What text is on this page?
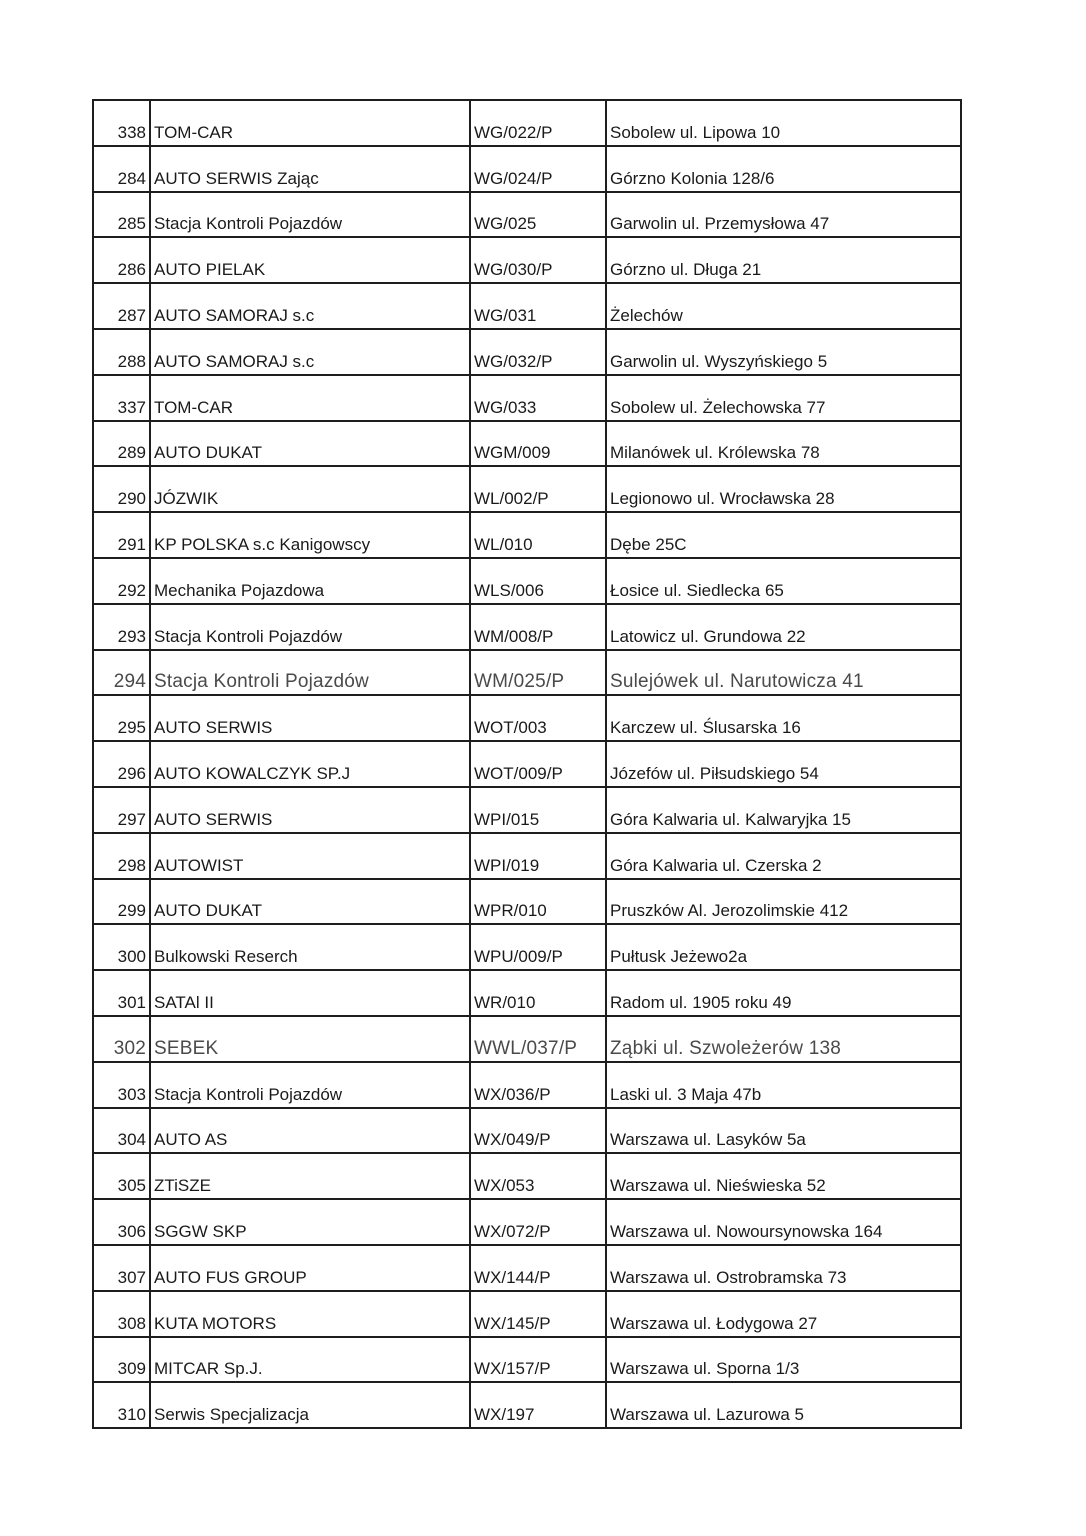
338	TOM-CAR	WG/022/P	Sobolew ul. Lipowa 10
284	AUTO SERWIS Zając	WG/024/P	Górzno Kolonia 128/6
285	Stacja Kontroli Pojazdów	WG/025	Garwolin ul. Przemysłowa 47
286	AUTO PIELAK	WG/030/P	Górzno ul. Długa 21
287	AUTO SAMORAJ s.c	WG/031	Żelechów
288	AUTO SAMORAJ s.c	WG/032/P	Garwolin ul. Wyszyńskiego 5
337	TOM-CAR	WG/033	Sobolew ul. Żelechowska 77
289	AUTO DUKAT	WGM/009	Milanówek ul. Królewska 78
290	JÓZWIK	WL/002/P	Legionowo ul. Wrocławska 28
291	KP POLSKA s.c Kanigowscy	WL/010	Dębe 25C
292	Mechanika Pojazdowa	WLS/006	Łosice ul. Siedlecka 65
293	Stacja Kontroli Pojazdów	WM/008/P	Latowicz ul. Grundowa 22
294	Stacja Kontroli Pojazdów	WM/025/P	Sulejówek ul. Narutowicza 41
295	AUTO SERWIS	WOT/003	Karczew ul. Ślusarska 16
296	AUTO KOWALCZYK SP.J	WOT/009/P	Józefów ul. Piłsudskiego 54
297	AUTO SERWIS	WPI/015	Góra Kalwaria ul. Kalwaryjka 15
298	AUTOWIST	WPI/019	Góra Kalwaria ul. Czerska 2
299	AUTO DUKAT	WPR/010	Pruszków Al. Jerozolimskie 412
300	Bulkowski Reserch	WPU/009/P	Pułtusk Jeżewo2a
301	SATAl II	WR/010	Radom ul. 1905 roku 49
302	SEBEK	WWL/037/P	Ząbki ul. Szwoleżerów 138
303	Stacja Kontroli Pojazdów	WX/036/P	Laski ul. 3 Maja 47b
304	AUTO AS	WX/049/P	Warszawa ul. Lasyków 5a
305	ZTiSZE	WX/053	Warszawa ul. Nieświeska 52
306	SGGW SKP	WX/072/P	Warszawa ul. Nowoursynowska 164
307	AUTO FUS GROUP	WX/144/P	Warszawa ul. Ostrobramska 73
308	KUTA MOTORS	WX/145/P	Warszawa ul. Łodygowa 27
309	MITCAR Sp.J.	WX/157/P	Warszawa ul. Sporna 1/3
310	Serwis Specjalizacja	WX/197	Warszawa ul. Lazurowa 5
